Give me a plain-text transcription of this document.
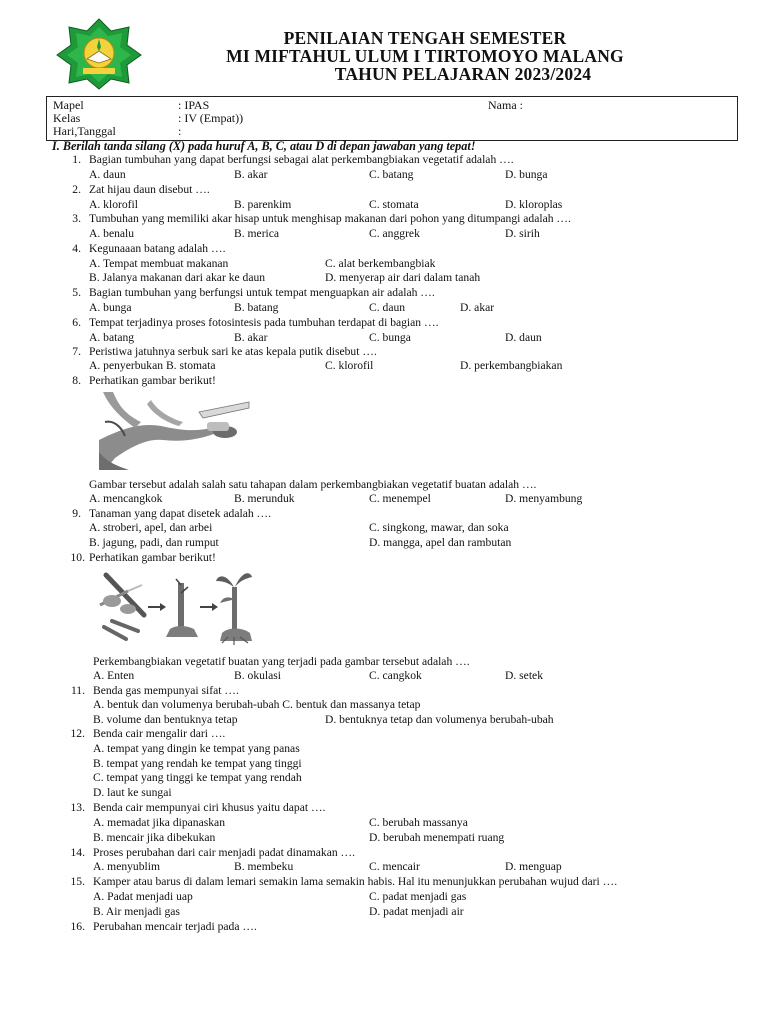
PENILAIAN TENGAH SEMESTER
MI MIFTAHUL ULUM I TIRTOMOYO MALANG
TAHUN PELAJARAN 2023/2024
Mapel	: IPAS	Nama :
Kelas	: IV (Empat))
Hari,Tanggal	:
I. Berilah tanda silang (X) pada huruf A, B, C, atau D di depan jawaban yang tepat!
1. Bagian tumbuhan yang dapat berfungsi sebagai alat perkembangbiakan vegetatif adalah ….
A. daun	B. akar	C. batang	D. bunga
2. Zat hijau daun disebut ….
A. klorofil	B. parenkim	C. stomata	D. kloroplas
3. Tumbuhan yang memiliki akar hisap untuk menghisap makanan dari pohon yang ditumpangi adalah ….
A. benalu	B. merica	C. anggrek	D. sirih
4. Kegunaaan batang adalah ….
A. Tempat membuat makanan	C. alat berkembangbiak
B. Jalanya makanan dari akar ke daun	D. menyerap air dari dalam tanah
5. Bagian tumbuhan yang berfungsi untuk tempat menguapkan air adalah ….
A. bunga	B. batang	C. daun	D. akar
6. Tempat terjadinya proses fotosintesis pada tumbuhan terdapat di bagian ….
A. batang	B. akar	C. bunga	D. daun
7. Peristiwa jatuhnya serbuk sari ke atas kepala putik disebut ….
A. penyerbukan B. stomata	C. klorofil	D. perkembangbiakan
8. Perhatikan gambar berikut!
Gambar tersebut adalah salah satu tahapan dalam perkembangbiakan vegetatif buatan adalah ….
A. mencangkok	B. merunduk	C. menempel	D. menyambung
9. Tanaman yang dapat disetek adalah ….
A. stroberi, apel, dan arbei	C. singkong, mawar, dan soka
B. jagung, padi, dan rumput	D. mangga, apel dan rambutan
10. Perhatikan gambar berikut!
Perkembangbiakan vegetatif buatan yang terjadi pada gambar tersebut adalah ….
A. Enten	B. okulasi	C. cangkok	D. setek
11. Benda gas mempunyai sifat ….
A. bentuk dan volumenya berubah-ubah C. bentuk dan massanya tetap
B. volume dan bentuknya tetap	D. bentuknya tetap dan volumenya berubah-ubah
12. Benda cair mengalir dari ….
A. tempat yang dingin ke tempat yang panas
B. tempat yang rendah ke tempat yang tinggi
C. tempat yang tinggi ke tempat yang rendah
D. laut ke sungai
13. Benda cair mempunyai ciri khusus yaitu dapat ….
A. memadat jika dipanaskan	C. berubah massanya
B. mencair jika dibekukan	D. berubah menempati ruang
14. Proses perubahan dari cair menjadi padat dinamakan ….
A. menyublim	B. membeku	C. mencair	D. menguap
15. Kamper atau barus di dalam lemari semakin lama semakin habis. Hal itu menunjukkan perubahan wujud dari ….
A. Padat menjadi uap	C. padat menjadi gas
B. Air menjadi gas	D. padat menjadi air
16. Perubahan mencair terjadi pada ….
